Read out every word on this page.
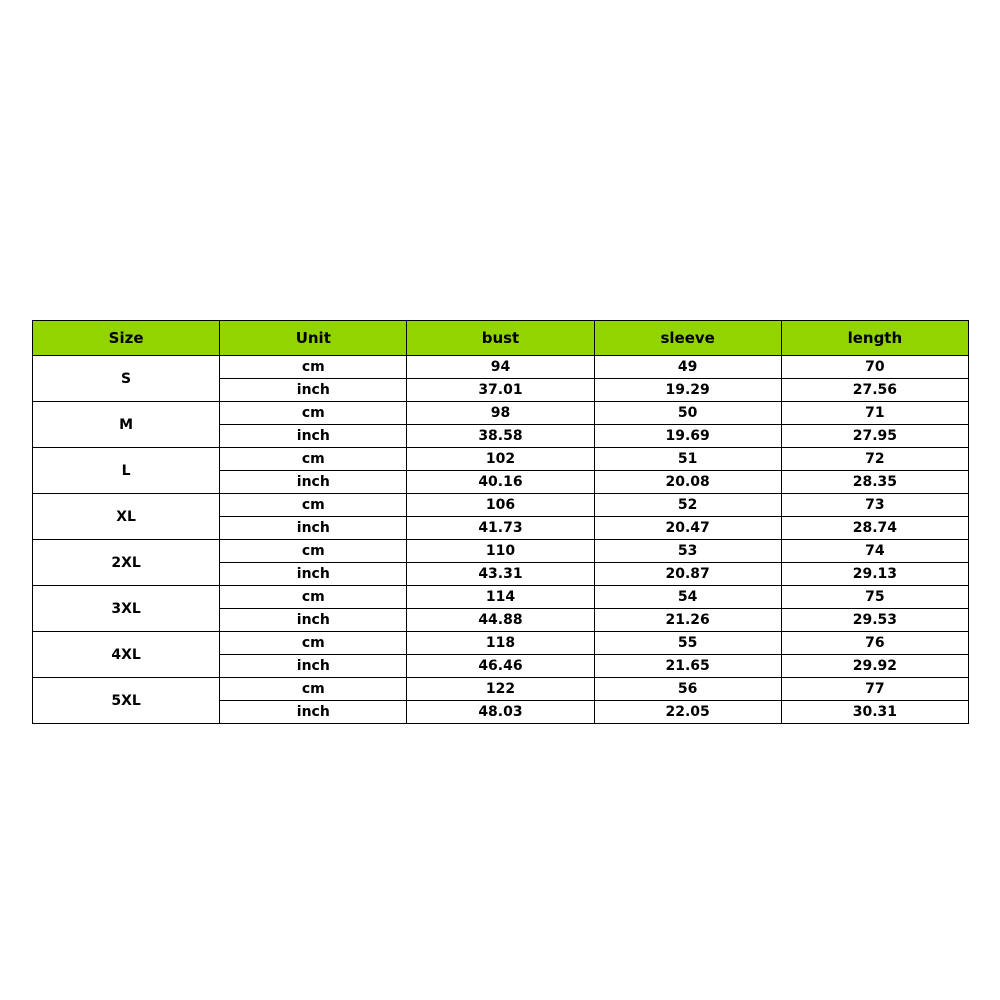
Size	Unit	bust	sleeve	length
S	cm	94	49	70
	inch	37.01	19.29	27.56
M	cm	98	50	71
	inch	38.58	19.69	27.95
L	cm	102	51	72
	inch	40.16	20.08	28.35
XL	cm	106	52	73
	inch	41.73	20.47	28.74
2XL	cm	110	53	74
	inch	43.31	20.87	29.13
3XL	cm	114	54	75
	inch	44.88	21.26	29.53
4XL	cm	118	55	76
	inch	46.46	21.65	29.92
5XL	cm	122	56	77
	inch	48.03	22.05	30.31
